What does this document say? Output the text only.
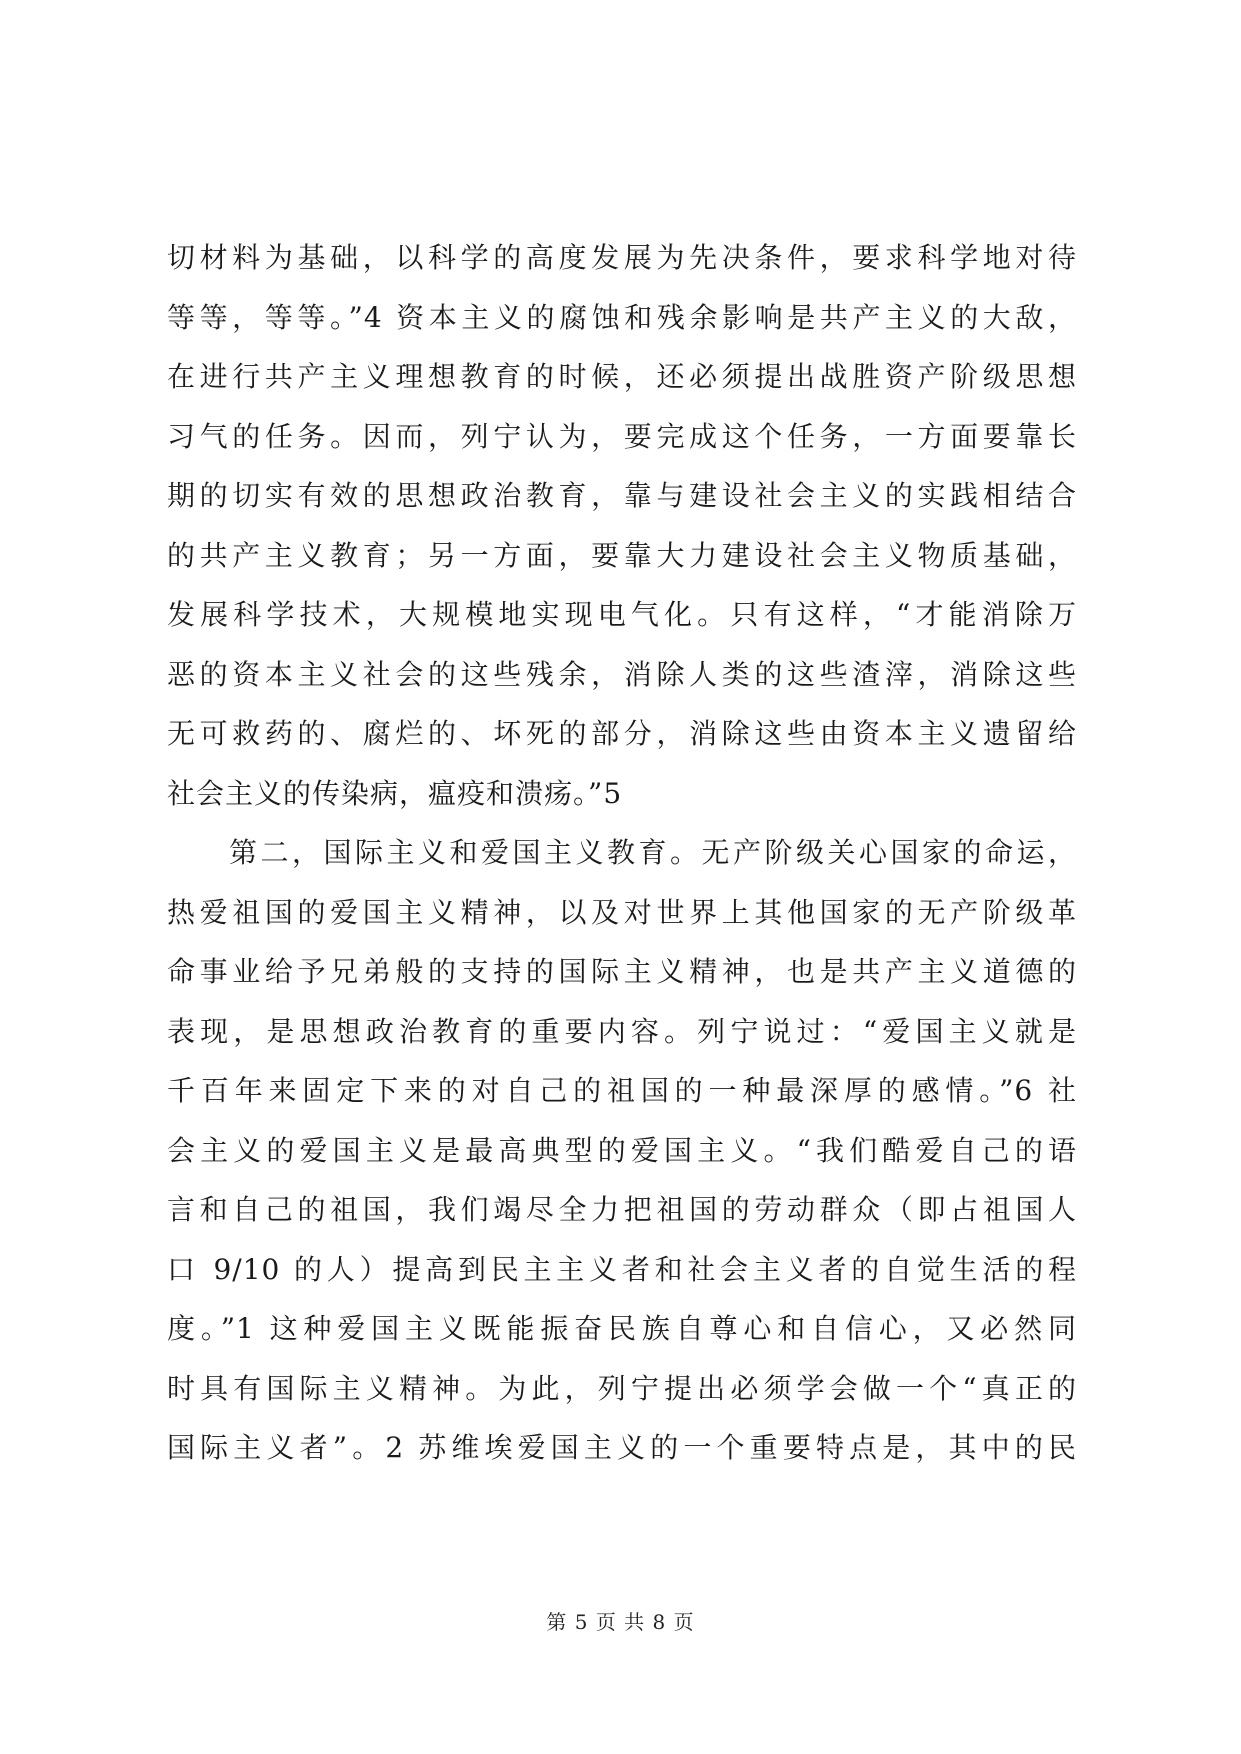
切材料为基础，以科学的高度发展为先决条件，要求科学地对待
等等，等等。”4 资本主义的腐蚀和残余影响是共产主义的大敌，
在进行共产主义理想教育的时候，还必须提出战胜资产阶级思想
习气的任务。因而，列宁认为，要完成这个任务，一方面要靠长
期的切实有效的思想政治教育，靠与建设社会主义的实践相结合
的共产主义教育；另一方面，要靠大力建设社会主义物质基础，
发展科学技术，大规模地实现电气化。只有这样，“才能消除万
恶的资本主义社会的这些残余，消除人类的这些渣滓，消除这些
无可救药的、腐烂的、坏死的部分，消除这些由资本主义遗留给
社会主义的传染病，瘟疫和溃疡。”5
第二，国际主义和爱国主义教育。无产阶级关心国家的命运，
热爱祖国的爱国主义精神，以及对世界上其他国家的无产阶级革
命事业给予兄弟般的支持的国际主义精神，也是共产主义道德的
表现，是思想政治教育的重要内容。列宁说过：“爱国主义就是
千百年来固定下来的对自己的祖国的一种最深厚的感情。”6 社
会主义的爱国主义是最高典型的爱国主义。“我们酷爱自己的语
言和自己的祖国，我们竭尽全力把祖国的劳动群众（即占祖国人
口 9/10 的人）提高到民主主义者和社会主义者的自觉生活的程
度。”1 这种爱国主义既能振奋民族自尊心和自信心，又必然同
时具有国际主义精神。为此，列宁提出必须学会做一个“真正的
国际主义者”。2 苏维埃爱国主义的一个重要特点是，其中的民
第 5 页 共 8 页
